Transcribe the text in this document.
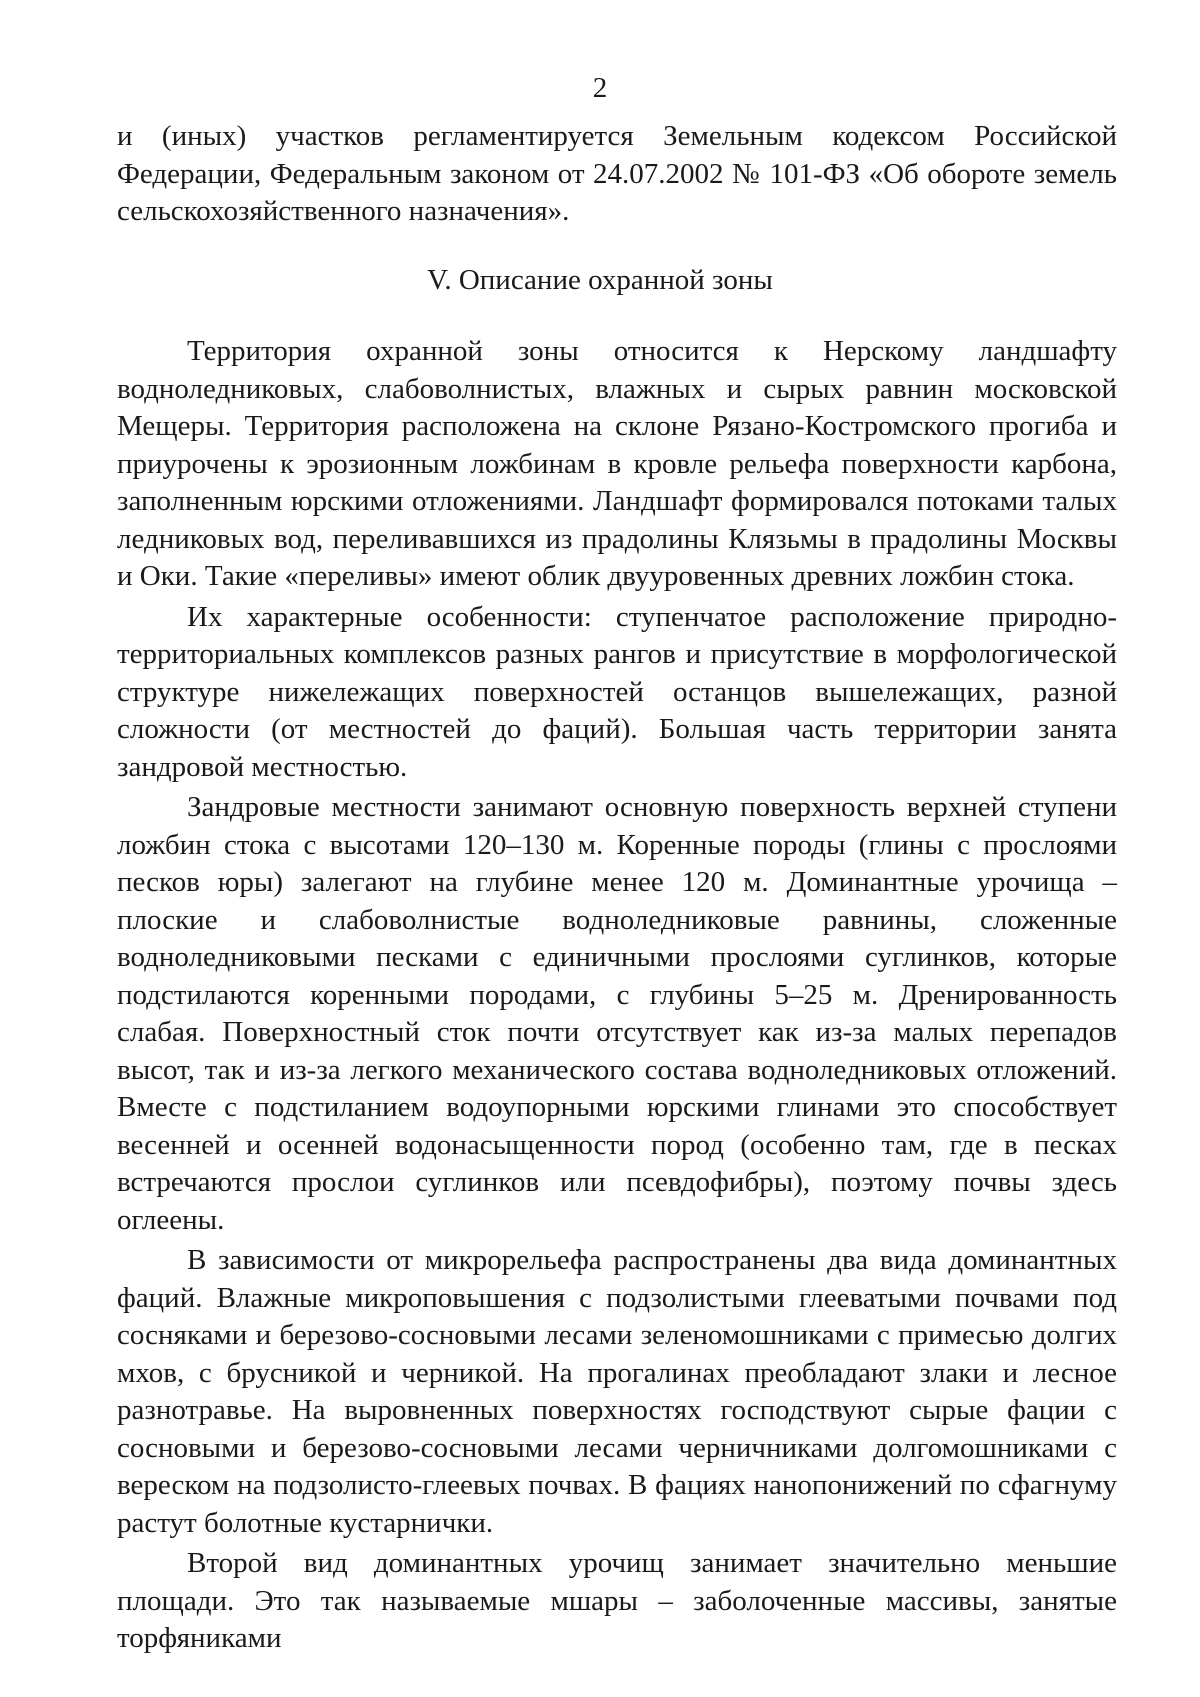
2

и (иных) участков регламентируется Земельным кодексом Российской Федерации, Федеральным законом от 24.07.2002 № 101-ФЗ «Об обороте земель сельскохозяйственного назначения».

V. Описание охранной зоны

Территория охранной зоны относится к Нерскому ландшафту водноледниковых, слабоволнистых, влажных и сырых равнин московской Мещеры. Территория расположена на склоне Рязано-Костромского прогиба и приурочены к эрозионным ложбинам в кровле рельефа поверхности карбона, заполненным юрскими отложениями. Ландшафт формировался потоками талых ледниковых вод, переливавшихся из прадолины Клязьмы в прадолины Москвы и Оки. Такие «переливы» имеют облик двууровенных древних ложбин стока.

Их характерные особенности: ступенчатое расположение природно-территориальных комплексов разных рангов и присутствие в морфологической структуре нижележащих поверхностей останцов вышележащих, разной сложности (от местностей до фаций). Большая часть территории занята зандровой местностью.

Зандровые местности занимают основную поверхность верхней ступени ложбин стока с высотами 120–130 м. Коренные породы (глины с прослоями песков юры) залегают на глубине менее 120 м. Доминантные урочища – плоские и слабоволнистые водноледниковые равнины, сложенные водноледниковыми песками с единичными прослоями суглинков, которые подстилаются коренными породами, с глубины 5–25 м. Дренированность слабая. Поверхностный сток почти отсутствует как из-за малых перепадов высот, так и из-за легкого механического состава водноледниковых отложений. Вместе с подстиланием водоупорными юрскими глинами это способствует весенней и осенней водонасыщенности пород (особенно там, где в песках встречаются прослои суглинков или псевдофибры), поэтому почвы здесь оглеены.

В зависимости от микрорельефа распространены два вида доминантных фаций. Влажные микроповышения с подзолистыми глееватыми почвами под сосняками и березово-сосновыми лесами зеленомошниками с примесью долгих мхов, с брусникой и черникой. На прогалинах преобладают злаки и лесное разнотравье. На выровненных поверхностях господствуют сырые фации с сосновыми и березово-сосновыми лесами черничниками долгомошниками с вереском на подзолисто-глеевых почвах. В фациях нанопонижений по сфагнуму растут болотные кустарнички.

Второй вид доминантных урочищ занимает значительно меньшие площади. Это так называемые мшары – заболоченные массивы, занятые торфяниками
